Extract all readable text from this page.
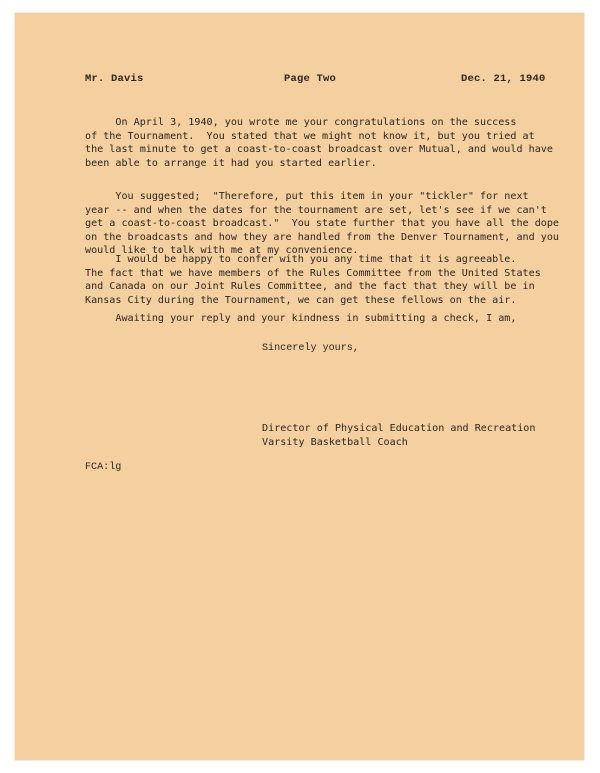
Mr. Davis	Page Two	Dec. 21, 1940
On April 3, 1940, you wrote me your congratulations on the success
of the Tournament.  You stated that we might not know it, but you tried at
the last minute to get a coast-to-coast broadcast over Mutual, and would have
been able to arrange it had you started earlier.
You suggested;  "Therefore, put this item in your "tickler" for next
year -- and when the dates for the tournament are set, let's see if we can't
get a coast-to-coast broadcast."  You state further that you have all the dope
on the broadcasts and how they are handled from the Denver Tournament, and you
would like to talk with me at my convenience.
I would be happy to confer with you any time that it is agreeable.
The fact that we have members of the Rules Committee from the United States
and Canada on our Joint Rules Committee, and the fact that they will be in
Kansas City during the Tournament, we can get these fellows on the air.
Awaiting your reply and your kindness in submitting a check, I am,
Sincerely yours,
Director of Physical Education and Recreation
Varsity Basketball Coach
FCA:lg
